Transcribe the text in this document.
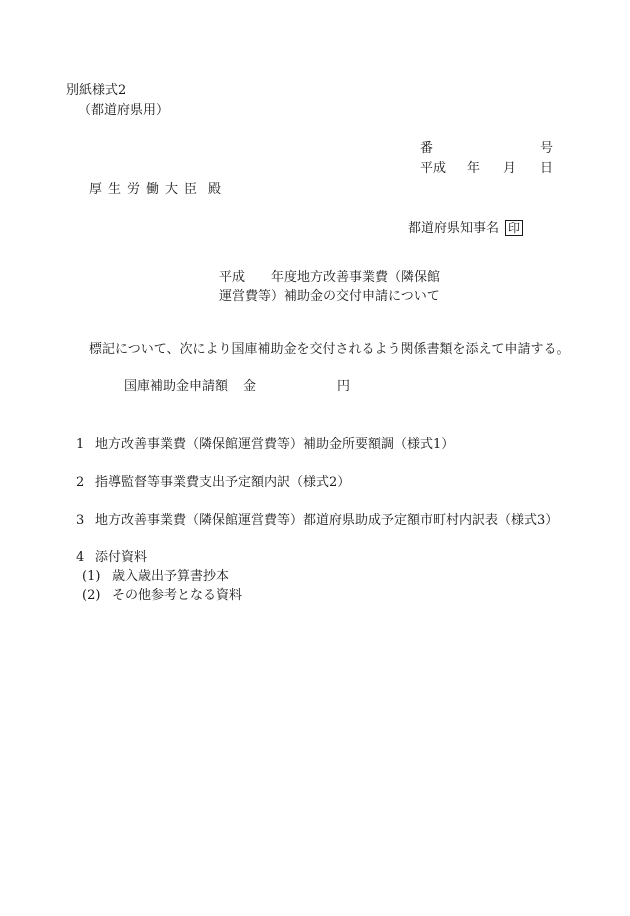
別紙様式2

（都道府県用）

番	号

平成 年 月 日

厚生労働大臣 殿

都道府県知事名 印

平成　　年度地方改善事業費（隣保館

運営費等）補助金の交付申請について

標記について、次により国庫補助金を交付されるよう関係書類を添えて申請する。

国庫補助金申請額 金	円

1 地方改善事業費（隣保館運営費等）補助金所要額調（様式1）

2 指導監督等事業費支出予定額内訳（様式2）

3 地方改善事業費（隣保館運営費等）都道府県助成予定額市町村内訳表（様式3）

4 添付資料

(1) 歳入歳出予算書抄本

(2) その他参考となる資料
